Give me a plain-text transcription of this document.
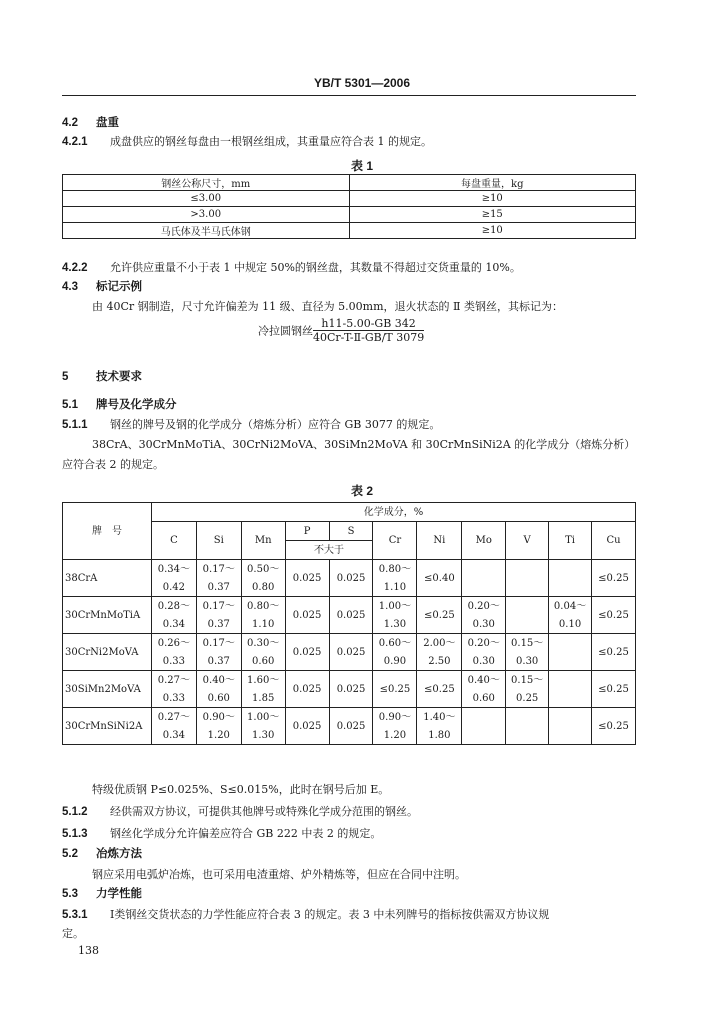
YB/T 5301—2006
4.2 盘重
4.2.1 成盘供应的钢丝每盘由一根钢丝组成，其重量应符合表 1 的规定。
表 1
钢丝公称尺寸，mm	每盘重量，kg
≤3.00	≥10
>3.00	≥15
马氏体及半马氏体钢	≥10
4.2.2 允许供应重量不小于表 1 中规定 50%的钢丝盘，其数量不得超过交货重量的 10%。
4.3 标记示例
由 40Cr 钢制造，尺寸允许偏差为 11 级、直径为 5.00mm，退火状态的 Ⅱ 类钢丝，其标记为：
冷拉圆钢丝 $\frac{h11-5.00-GB 342}{\text{40Cr-T-Ⅱ-GB/T 3079}}$
5 技术要求
5.1 牌号及化学成分
5.1.1 钢丝的牌号及钢的化学成分（熔炼分析）应符合 GB 3077 的规定。
38CrA、30CrMnMoTiA、30CrNi2MoVA、30SiMn2MoVA 和 30CrMnSiNi2A 的化学成分（熔炼分析）
应符合表 2 的规定。
表 2
牌　号	化学成分，%										
	C	Si	Mn	P	S	Cr	Ni	Mo	V	Ti	Cu
				不大于							
38CrA	0.34～	0.17～	0.50～	0.025	0.025	0.80～	≤0.40				≤0.25
	0.42	0.37	0.80			1.10					
30CrMnMoTiA	0.28～	0.17～	0.80～	0.025	0.025	1.00～	≤0.25	0.20～		0.04～	≤0.25
	0.34	0.37	1.10			1.30		0.30		0.10	
30CrNi2MoVA	0.26～	0.17～	0.30～	0.025	0.025	0.60～	2.00～	0.20～	0.15～		≤0.25
	0.33	0.37	0.60			0.90	2.50	0.30	0.30		
30SiMn2MoVA	0.27～	0.40～	1.60～	0.025	0.025	≤0.25	≤0.25	0.40～	0.15～		≤0.25
	0.33	0.60	1.85					0.60	0.25		
30CrMnSiNi2A	0.27～	0.90～	1.00～	0.025	0.025	0.90～	1.40～				≤0.25
	0.34	1.20	1.30			1.20	1.80				
特级优质钢 P≤0.025%、S≤0.015%，此时在钢号后加 E。
5.1.2 经供需双方协议，可提供其他牌号或特殊化学成分范围的钢丝。
5.1.3 钢丝化学成分允许偏差应符合 GB 222 中表 2 的规定。
5.2 冶炼方法
钢应采用电弧炉冶炼，也可采用电渣重熔、炉外精炼等，但应在合同中注明。
5.3 力学性能
5.3.1 Ⅰ类钢丝交货状态的力学性能应符合表 3 的规定。表 3 中未列牌号的指标按供需双方协议规
定。
138
